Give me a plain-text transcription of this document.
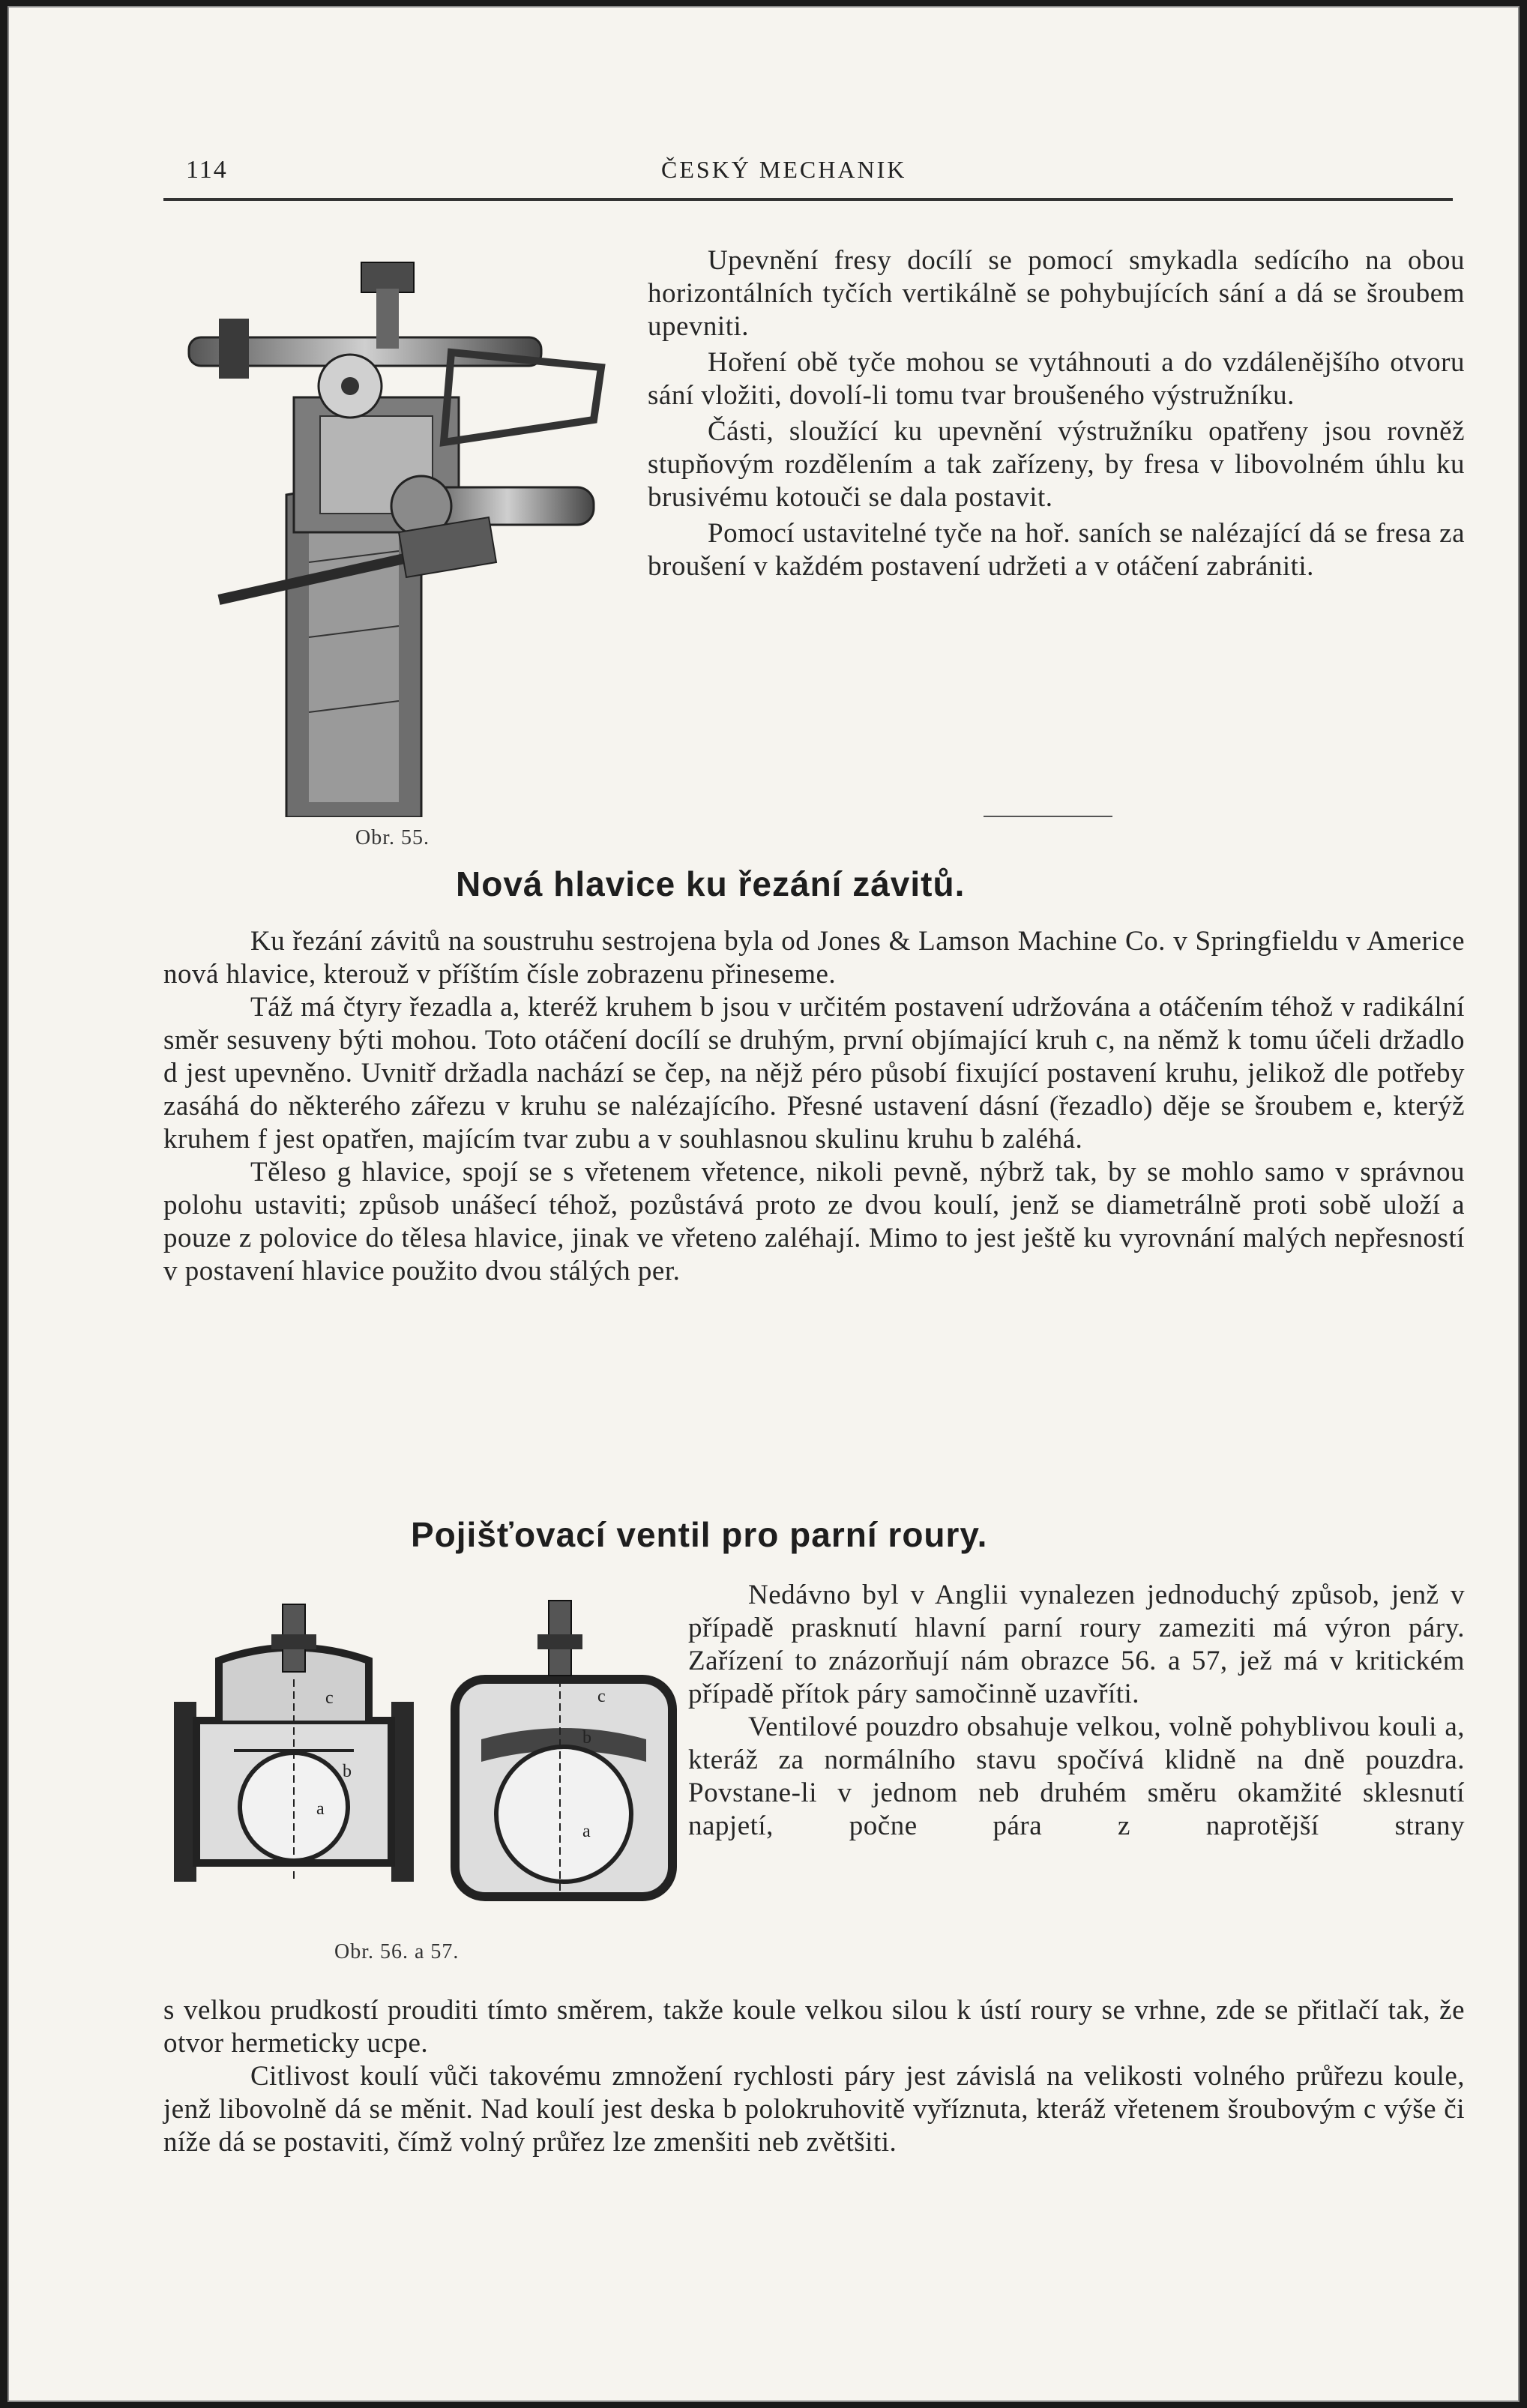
114	ČESKÝ MECHANIK
Obr. 55.

Upevnění fresy docílí se pomocí smykadla sedícího na obou horizontálních tyčích vertikálně se pohybujících sání a dá se šroubem upevniti.

Hoření obě tyče mohou se vytáhnouti a do vzdálenějšího otvoru sání vložiti, dovolí-li tomu tvar broušeného výstružníku.

Části, sloužící ku upevnění výstružníku opatřeny jsou rovněž stupňovým rozdělením a tak zařízeny, by fresa v libovolném úhlu ku brusivému kotouči se dala postavit.

Pomocí ustavitelné tyče na hoř. saních se nalézající dá se fresa za broušení v každém postavení udržeti a v otáčení zabrániti.

Nová hlavice ku řezání závitů.

Ku řezání závitů na soustruhu sestrojena byla od Jones & Lamson Machine Co. v Springfieldu v Americe nová hlavice, kterouž v příštím čísle zobrazenu přineseme.

Táž má čtyry řezadla a, kteréž kruhem b jsou v určitém postavení udržována a otáčením téhož v radikální směr sesuveny býti mohou. Toto otáčení docílí se druhým, první objímající kruh c, na němž k tomu účeli držadlo d jest upevněno. Uvnitř držadla nachází se čep, na nějž péro působí fixující postavení kruhu, jelikož dle potřeby zasáhá do některého zářezu v kruhu se nalézajícího. Přesné ustavení dásní (řezadlo) děje se šroubem e, kterýž kruhem f jest opatřen, majícím tvar zubu a v souhlasnou skulinu kruhu b zaléhá.

Těleso g hlavice, spojí se s vřetenem vřetence, nikoli pevně, nýbrž tak, by se mohlo samo v správnou polohu ustaviti; způsob unášecí téhož, pozůstává proto ze dvou koulí, jenž se diametrálně proti sobě uloží a pouze z polovice do tělesa hlavice, jinak ve vřeteno zaléhají. Mimo to jest ještě ku vyrovnání malých nepřesností v postavení hlavice použito dvou stálých per.

Pojišťovací ventil pro parní roury.
c
b
a
c
b
a
Obr. 56. a 57.

Nedávno byl v Anglii vynalezen jednoduchý způsob, jenž v případě prasknutí hlavní parní roury zameziti má výron páry. Zařízení to znázorňují nám obrazce 56. a 57, jež má v kritickém případě přítok páry samočinně uzavříti.

Ventilové pouzdro obsahuje velkou, volně pohyblivou kouli a, kteráž za normálního stavu spočívá klidně na dně pouzdra. Povstane-li v jednom neb druhém směru okamžité sklesnutí napjetí, počne pára z naprotější strany

s velkou prudkostí prouditi tímto směrem, takže koule velkou silou k ústí roury se vrhne, zde se přitlačí tak, že otvor hermeticky ucpe.

Citlivost koulí vůči takovému zmnožení rychlosti páry jest závislá na velikosti volného průřezu koule, jenž libovolně dá se měnit. Nad koulí jest deska b polokruhovitě vyříznuta, kteráž vřetenem šroubovým c výše či níže dá se postaviti, čímž volný průřez lze zmenšiti neb zvětšiti.
